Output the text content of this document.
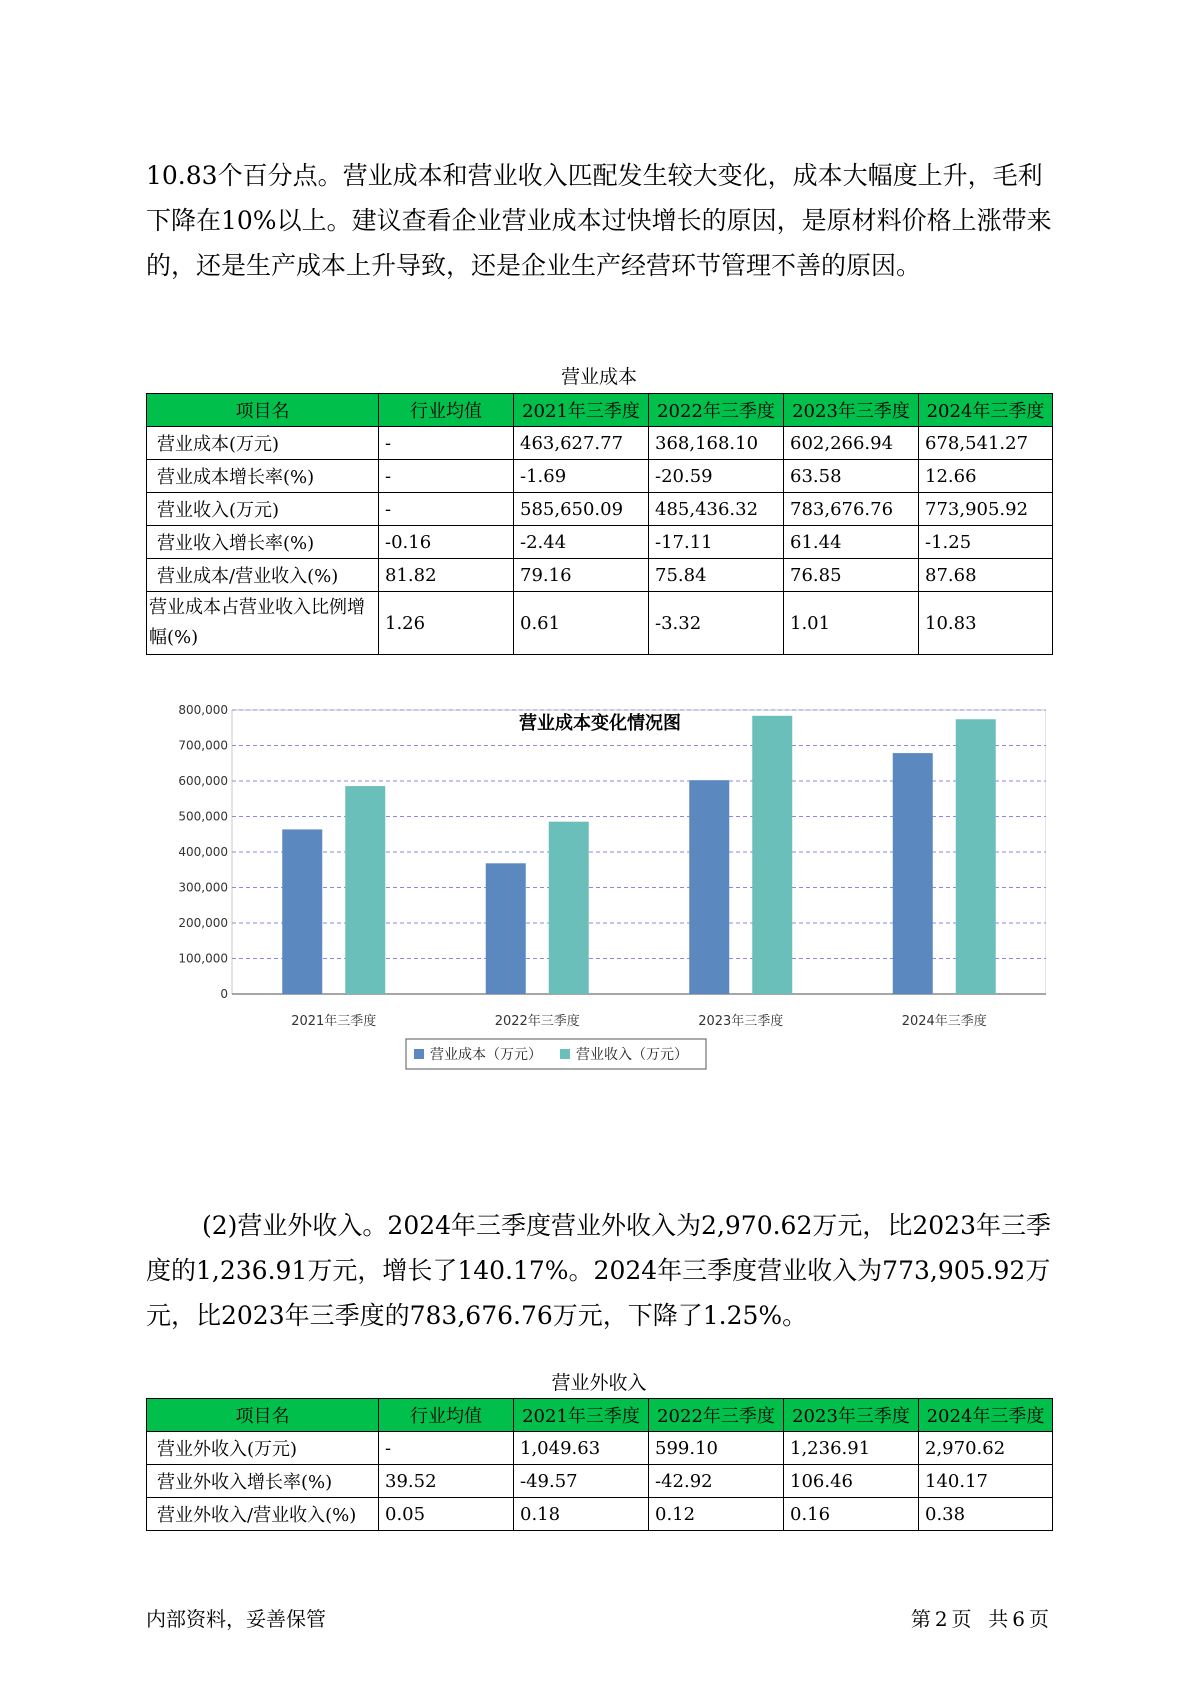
10.83个百分点。营业成本和营业收入匹配发生较大变化，成本大幅度上升，毛利下降在10%以上。建议查看企业营业成本过快增长的原因，是原材料价格上涨带来的，还是生产成本上升导致，还是企业生产经营环节管理不善的原因。

营业成本
项目名	行业均值	2021年三季度	2022年三季度	2023年三季度	2024年三季度
营业成本(万元)	-	463,627.77	368,168.10	602,266.94	678,541.27
营业成本增长率(%)	-	-1.69	-20.59	63.58	12.66
营业收入(万元)	-	585,650.09	485,436.32	783,676.76	773,905.92
营业收入增长率(%)	-0.16	-2.44	-17.11	61.44	-1.25
营业成本/营业收入(%)	81.82	79.16	75.84	76.85	87.68
营业成本占营业收入比例增幅(%)	1.26	0.61	-3.32	1.01	10.83
营业成本变化情况图
0
100,000
200,000
300,000
400,000
500,000
600,000
700,000
800,000
2021年三季度	2022年三季度	2023年三季度	2024年三季度
营业成本（万元） 营业收入（万元）

(2)营业外收入。2024年三季度营业外收入为2,970.62万元，比2023年三季度的1,236.91万元，增长了140.17%。2024年三季度营业收入为773,905.92万元，比2023年三季度的783,676.76万元，下降了1.25%。

营业外收入
项目名	行业均值	2021年三季度	2022年三季度	2023年三季度	2024年三季度
营业外收入(万元)	-	1,049.63	599.10	1,236.91	2,970.62
营业外收入增长率(%)	39.52	-49.57	-42.92	106.46	140.17
营业外收入/营业收入(%)	0.05	0.18	0.12	0.16	0.38
内部资料，妥善保管	第 2 页 共 6 页
